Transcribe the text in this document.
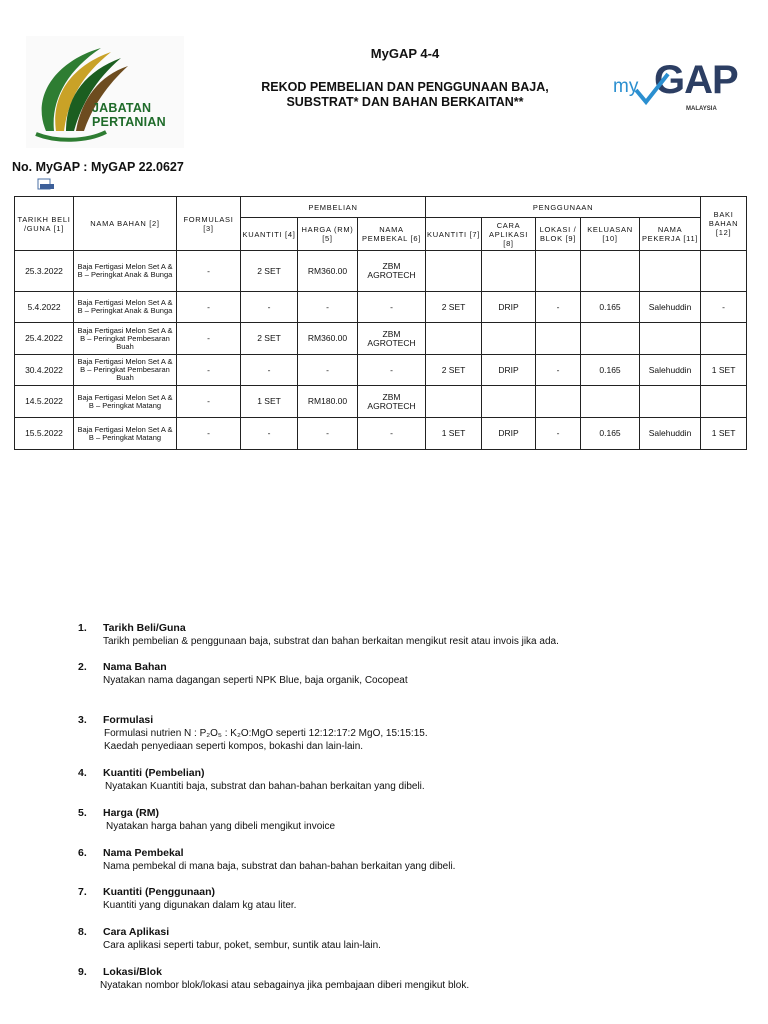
JABATAN
PERTANIAN
MyGAP 4-4
REKOD PEMBELIAN DAN PENGGUNAAN BAJA,
SUBSTRAT* DAN BAHAN BERKAITAN**
my GAP
MALAYSIA
No. MyGAP : MyGAP 22.0627
TARIKH BELI /GUNA [1]	NAMA BAHAN [2]	FORMULASI [3]	PEMBELIAN			PENGGUNAAN					BAKI BAHAN [12]
			KUANTITI [4]	HARGA (RM) [5]	NAMA PEMBEKAL [6]	KUANTITI [7]	CARA APLIKASI [8]	LOKASI / BLOK [9]	KELUASAN [10]	NAMA PEKERJA [11]	
25.3.2022	Baja Fertigasi Melon Set A & B – Peringkat Anak & Bunga	-	2 SET	RM360.00	ZBM AGROTECH						
5.4.2022	Baja Fertigasi Melon Set A & B – Peringkat Anak & Bunga	-	-	-	-	2 SET	DRIP	-	0.165	Salehuddin	-
25.4.2022	Baja Fertigasi Melon Set A & B – Peringkat Pembesaran Buah	-	2 SET	RM360.00	ZBM AGROTECH						
30.4.2022	Baja Fertigasi Melon Set A & B – Peringkat Pembesaran Buah	-	-	-	-	2 SET	DRIP	-	0.165	Salehuddin	1 SET
14.5.2022	Baja Fertigasi Melon Set A & B – Peringkat Matang	-	1 SET	RM180.00	ZBM AGROTECH						
15.5.2022	Baja Fertigasi Melon Set A & B – Peringkat Matang	-	-	-	-	1 SET	DRIP	-	0.165	Salehuddin	1 SET
1. Tarikh Beli/Guna
Tarikh pembelian & penggunaan baja, substrat dan bahan berkaitan mengikut resit atau invois jika ada.
2. Nama Bahan
Nyatakan nama dagangan seperti NPK Blue, baja organik, Cocopeat
3. Formulasi
Formulasi nutrien N : P₂O₅ : K₂O:MgO seperti 12:12:17:2 MgO, 15:15:15.
Kaedah penyediaan seperti kompos, bokashi dan lain-lain.
4. Kuantiti (Pembelian)
Nyatakan Kuantiti baja, substrat dan bahan-bahan berkaitan yang dibeli.
5. Harga (RM)
Nyatakan harga bahan yang dibeli mengikut invoice
6. Nama Pembekal
Nama pembekal di mana baja, substrat dan bahan-bahan berkaitan yang dibeli.
7. Kuantiti (Penggunaan)
Kuantiti yang digunakan dalam kg atau liter.
8. Cara Aplikasi
Cara aplikasi seperti tabur, poket, sembur, suntik atau lain-lain.
9. Lokasi/Blok
Nyatakan nombor blok/lokasi atau sebagainya jika pembajaan diberi mengikut blok.
